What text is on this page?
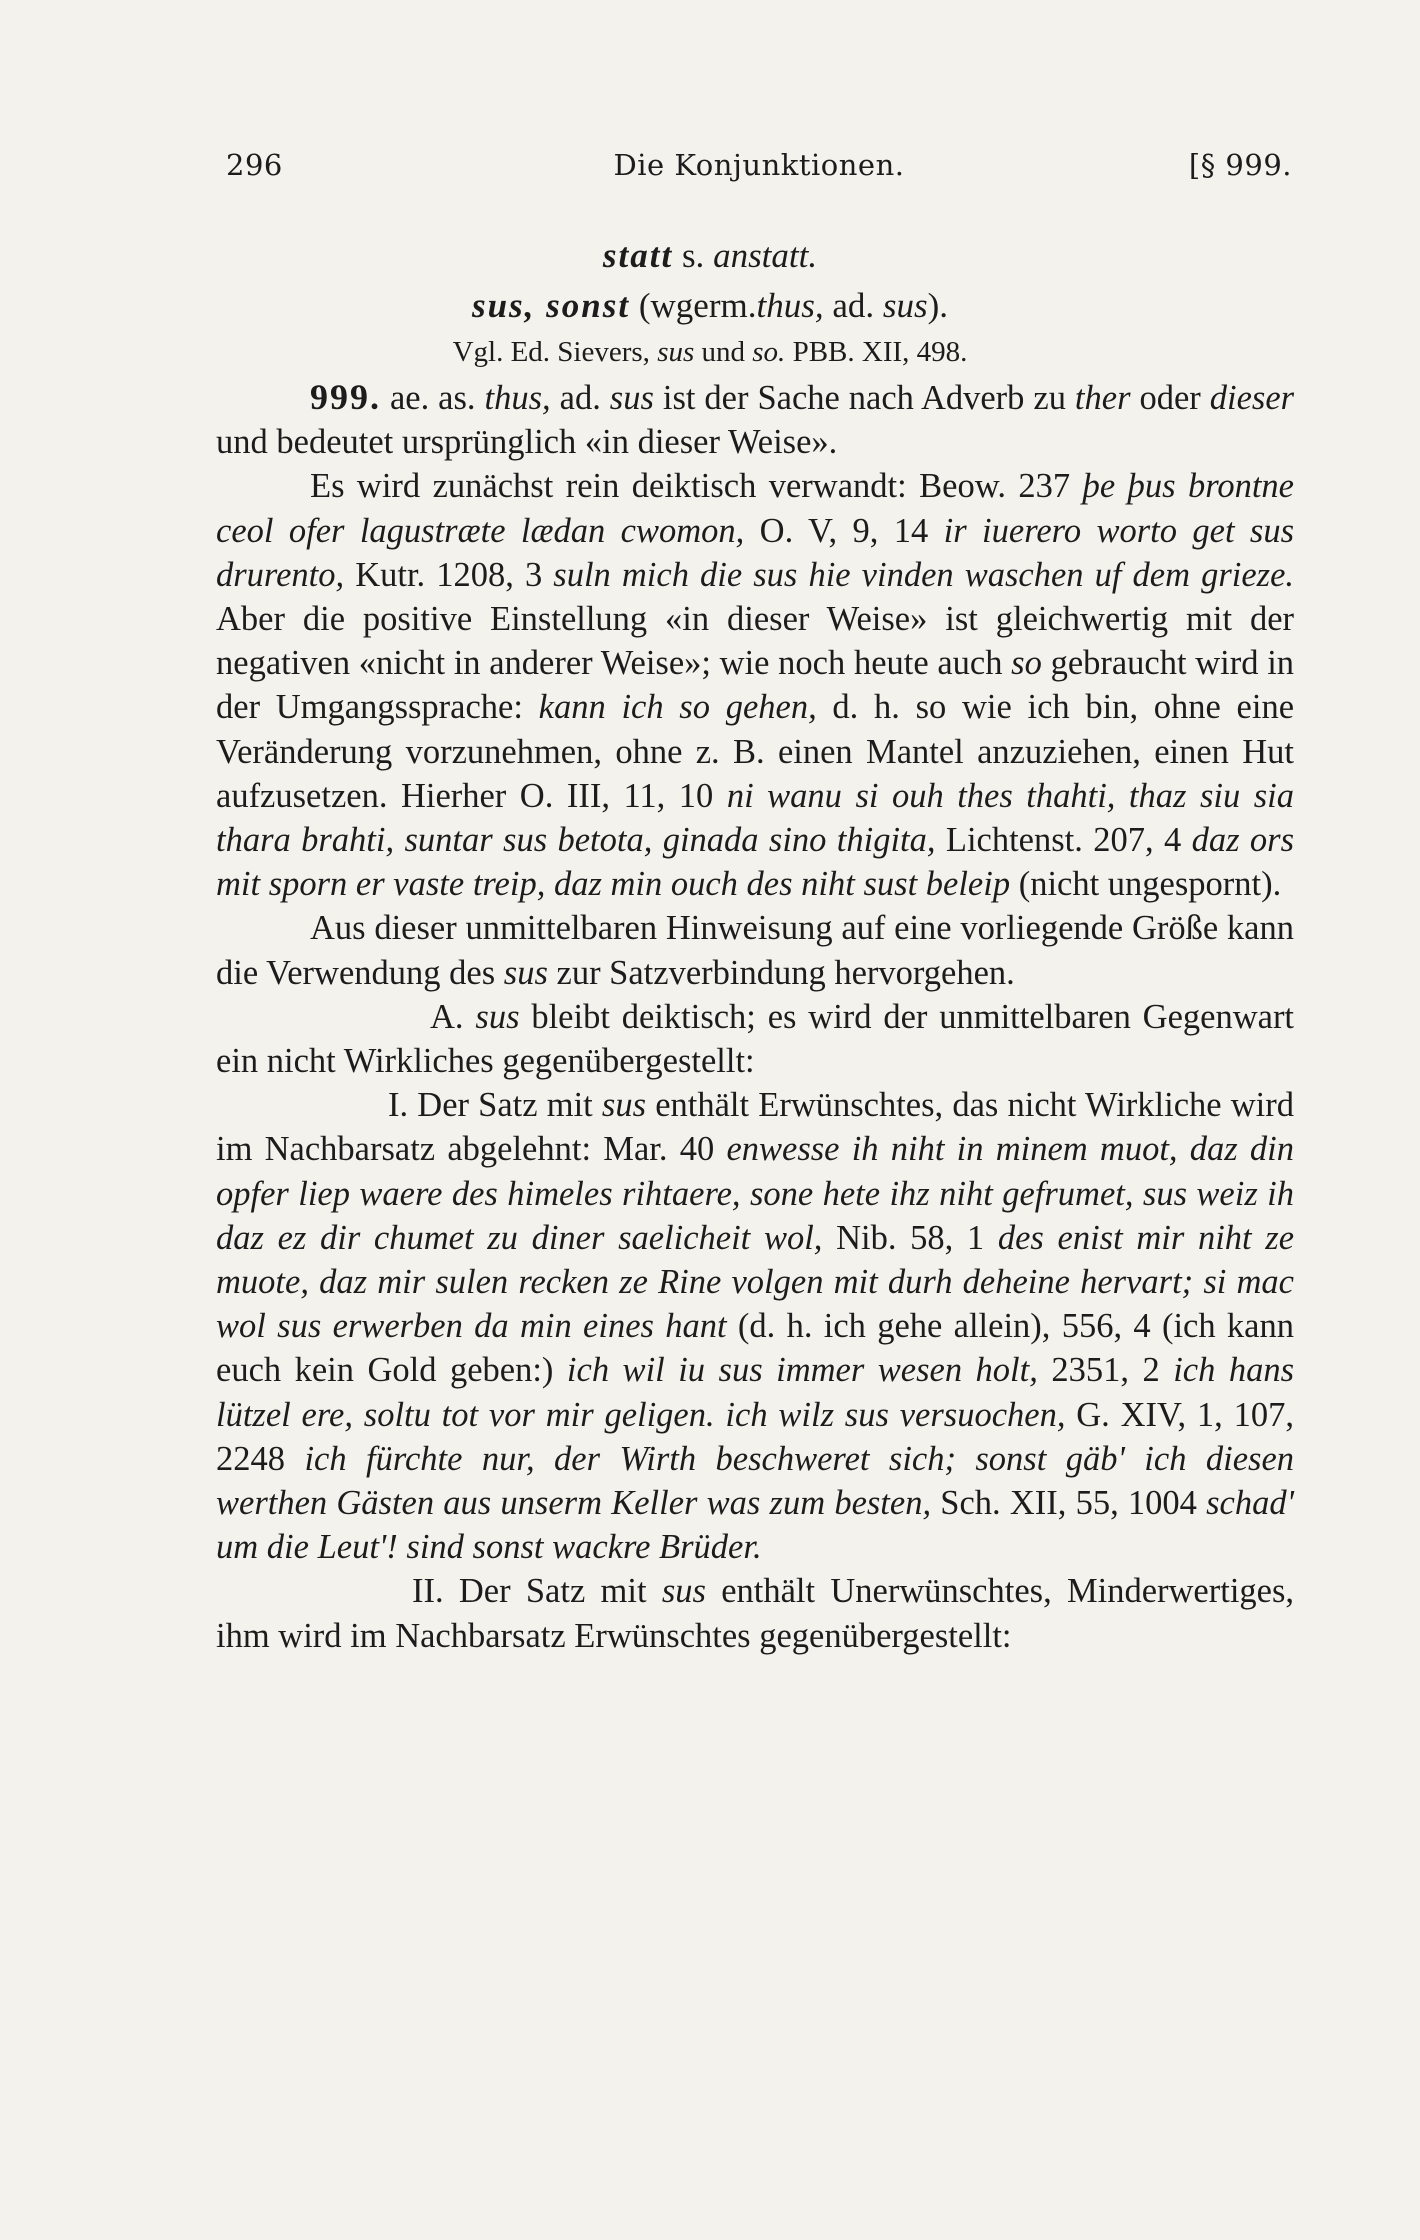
296	Die Konjunktionen.	[§ 999.
statt s. anstatt.
sus, sonst (wgerm.thus, ad. sus).
Vgl. Ed. Sievers, sus und so. PBB. XII, 498.

999. ae. as. thus, ad. sus ist der Sache nach Adverb zu ther oder dieser und bedeutet ursprünglich «in dieser Weise».

Es wird zunächst rein deiktisch verwandt: Beow. 237 þe þus brontne ceol ofer lagustræte lædan cwomon, O. V, 9, 14 ir iuerero worto get sus drurento, Kutr. 1208, 3 suln mich die sus hie vinden waschen uf dem grieze. Aber die positive Einstellung «in dieser Weise» ist gleichwertig mit der negativen «nicht in anderer Weise»; wie noch heute auch so gebraucht wird in der Umgangssprache: kann ich so gehen, d. h. so wie ich bin, ohne eine Veränderung vorzunehmen, ohne z. B. einen Mantel anzuziehen, einen Hut aufzusetzen. Hierher O. III, 11, 10 ni wanu si ouh thes thahti, thaz siu sia thara brahti, suntar sus betota, ginada sino thigita, Lichtenst. 207, 4 daz ors mit sporn er vaste treip, daz min ouch des niht sust beleip (nicht ungespornt).

Aus dieser unmittelbaren Hinweisung auf eine vorliegende Größe kann die Verwendung des sus zur Satzverbindung hervorgehen.

A. sus bleibt deiktisch; es wird der unmittelbaren Gegenwart ein nicht Wirkliches gegenübergestellt:

I. Der Satz mit sus enthält Erwünschtes, das nicht Wirkliche wird im Nachbarsatz abgelehnt: Mar. 40 enwesse ih niht in minem muot, daz din opfer liep waere des himeles rihtaere, sone hete ihz niht gefrumet, sus weiz ih daz ez dir chumet zu diner saelicheit wol, Nib. 58, 1 des enist mir niht ze muote, daz mir sulen recken ze Rine volgen mit durh deheine hervart; si mac wol sus erwerben da min eines hant (d. h. ich gehe allein), 556, 4 (ich kann euch kein Gold geben:) ich wil iu sus immer wesen holt, 2351, 2 ich hans lützel ere, soltu tot vor mir geligen. ich wilz sus versuochen, G. XIV, 1, 107, 2248 ich fürchte nur, der Wirth beschweret sich; sonst gäb' ich diesen werthen Gästen aus unserm Keller was zum besten, Sch. XII, 55, 1004 schad' um die Leut'! sind sonst wackre Brüder.

II. Der Satz mit sus enthält Unerwünschtes, Minderwertiges, ihm wird im Nachbarsatz Erwünschtes gegenübergestellt:
